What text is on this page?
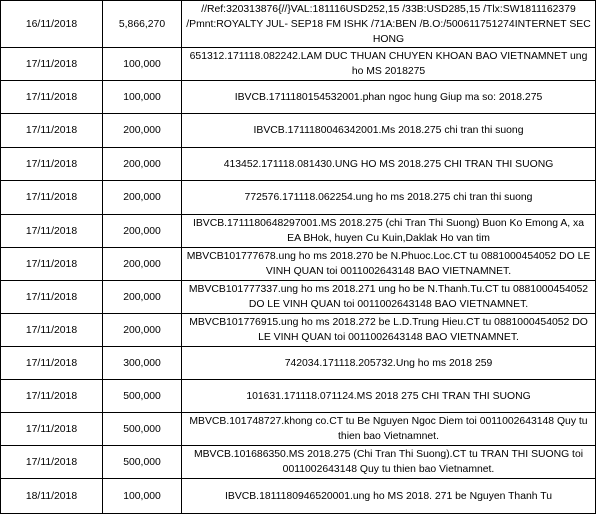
16/11/2018	5,866,270	//Ref:320313876{//}VAL:181116USD252,15 /33B:USD285,15 /Tlx:SW1811162379 /Pmnt:ROYALTY JUL- SEP18 FM ISHK /71A:BEN /B.O:/500611751274INTERNET SEC HONG
17/11/2018	100,000	651312.171118.082242.LAM DUC THUAN CHUYEN KHOAN BAO VIETNAMNET ung ho MS 2018275
17/11/2018	100,000	IBVCB.1711180154532001.phan ngoc hung Giup ma so: 2018.275
17/11/2018	200,000	IBVCB.1711180046342001.Ms 2018.275 chi tran thi suong
17/11/2018	200,000	413452.171118.081430.UNG HO MS 2018.275 CHI TRAN THI SUONG
17/11/2018	200,000	772576.171118.062254.ung ho ms 2018.275 chi tran thi suong
17/11/2018	200,000	IBVCB.1711180648297001.MS 2018.275 (chi Tran Thi Suong) Buon Ko Emong A, xa EA BHok, huyen Cu Kuin,Daklak Ho van tim
17/11/2018	200,000	MBVCB101777678.ung ho ms 2018.270 be N.Phuoc.Loc.CT tu 0881000454052 DO LE VINH QUAN toi 0011002643148 BAO VIETNAMNET.
17/11/2018	200,000	MBVCB101777337.ung ho ms 2018.271 ung ho be N.Thanh.Tu.CT tu 0881000454052 DO LE VINH QUAN toi 0011002643148 BAO VIETNAMNET.
17/11/2018	200,000	MBVCB101776915.ung ho ms 2018.272 be L.D.Trung Hieu.CT tu 0881000454052 DO LE VINH QUAN toi 0011002643148 BAO VIETNAMNET.
17/11/2018	300,000	742034.171118.205732.Ung ho ms 2018 259
17/11/2018	500,000	101631.171118.071124.MS 2018 275 CHI TRAN THI SUONG
17/11/2018	500,000	MBVCB.101748727.khong co.CT tu Be Nguyen Ngoc Diem toi 0011002643148 Quy tu thien bao Vietnamnet.
17/11/2018	500,000	MBVCB.101686350.MS 2018.275 (Chi Tran Thi Suong).CT tu TRAN THI SUONG toi 0011002643148 Quy tu thien bao Vietnamnet.
18/11/2018	100,000	IBVCB.1811180946520001.ung ho MS 2018. 271 be Nguyen Thanh Tu
